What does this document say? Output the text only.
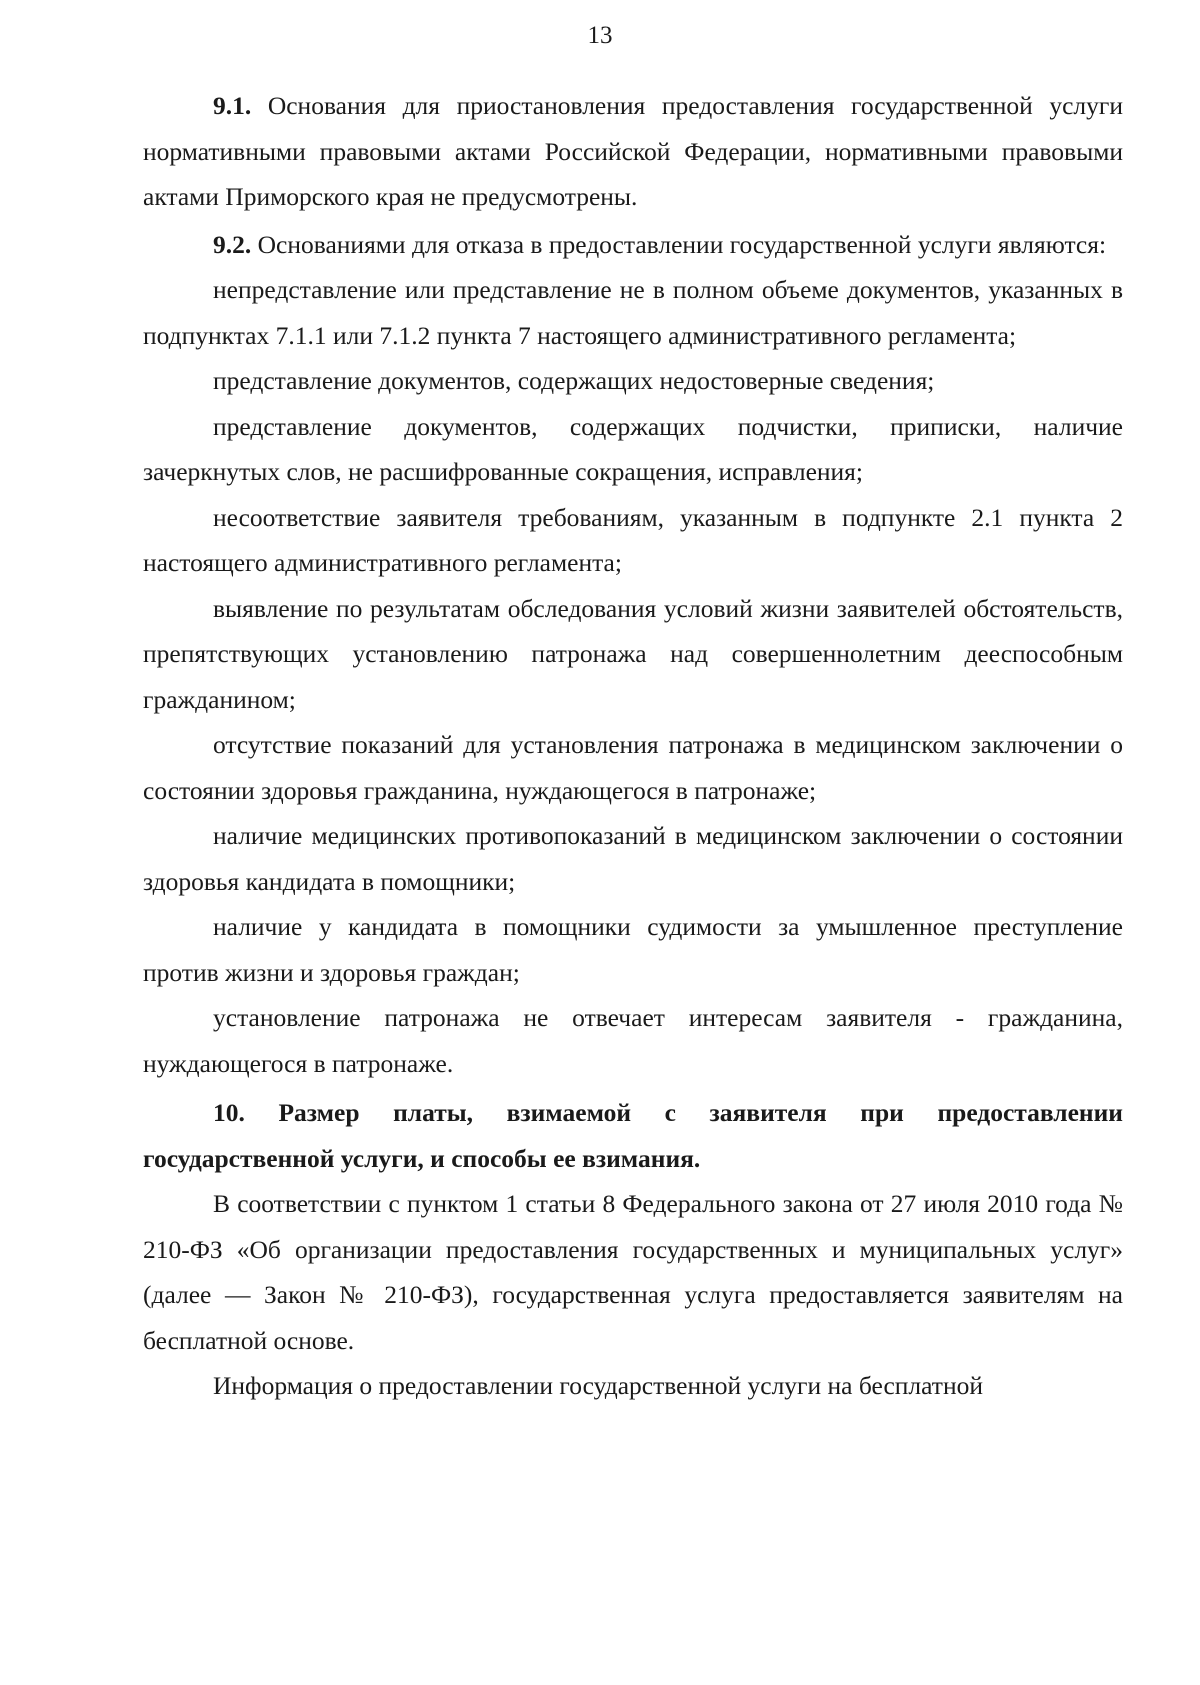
13

9.1. Основания для приостановления предоставления государственной услуги нормативными правовыми актами Российской Федерации, нормативными правовыми актами Приморского края не предусмотрены.

9.2. Основаниями для отказа в предоставлении государственной услуги являются:

непредставление или представление не в полном объеме документов, указанных в подпунктах 7.1.1 или 7.1.2 пункта 7 настоящего административного регламента;

представление документов, содержащих недостоверные сведения;

представление документов, содержащих подчистки, приписки, наличие зачеркнутых слов, не расшифрованные сокращения, исправления;

несоответствие заявителя требованиям, указанным в подпункте 2.1 пункта 2 настоящего административного регламента;

выявление по результатам обследования условий жизни заявителей обстоятельств, препятствующих установлению патронажа над совершеннолетним дееспособным гражданином;

отсутствие показаний для установления патронажа в медицинском заключении о состоянии здоровья гражданина, нуждающегося в патронаже;

наличие медицинских противопоказаний в медицинском заключении о состоянии здоровья кандидата в помощники;

наличие у кандидата в помощники судимости за умышленное преступление против жизни и здоровья граждан;

установление патронажа не отвечает интересам заявителя - гражданина, нуждающегося в патронаже.

10. Размер платы, взимаемой с заявителя при предоставлении государственной услуги, и способы ее взимания.

В соответствии с пунктом 1 статьи 8 Федерального закона от 27 июля 2010 года № 210-ФЗ «Об организации предоставления государственных и муниципальных услуг» (далее — Закон № 210-ФЗ), государственная услуга предоставляется заявителям на бесплатной основе.

Информация о предоставлении государственной услуги на бесплатной
